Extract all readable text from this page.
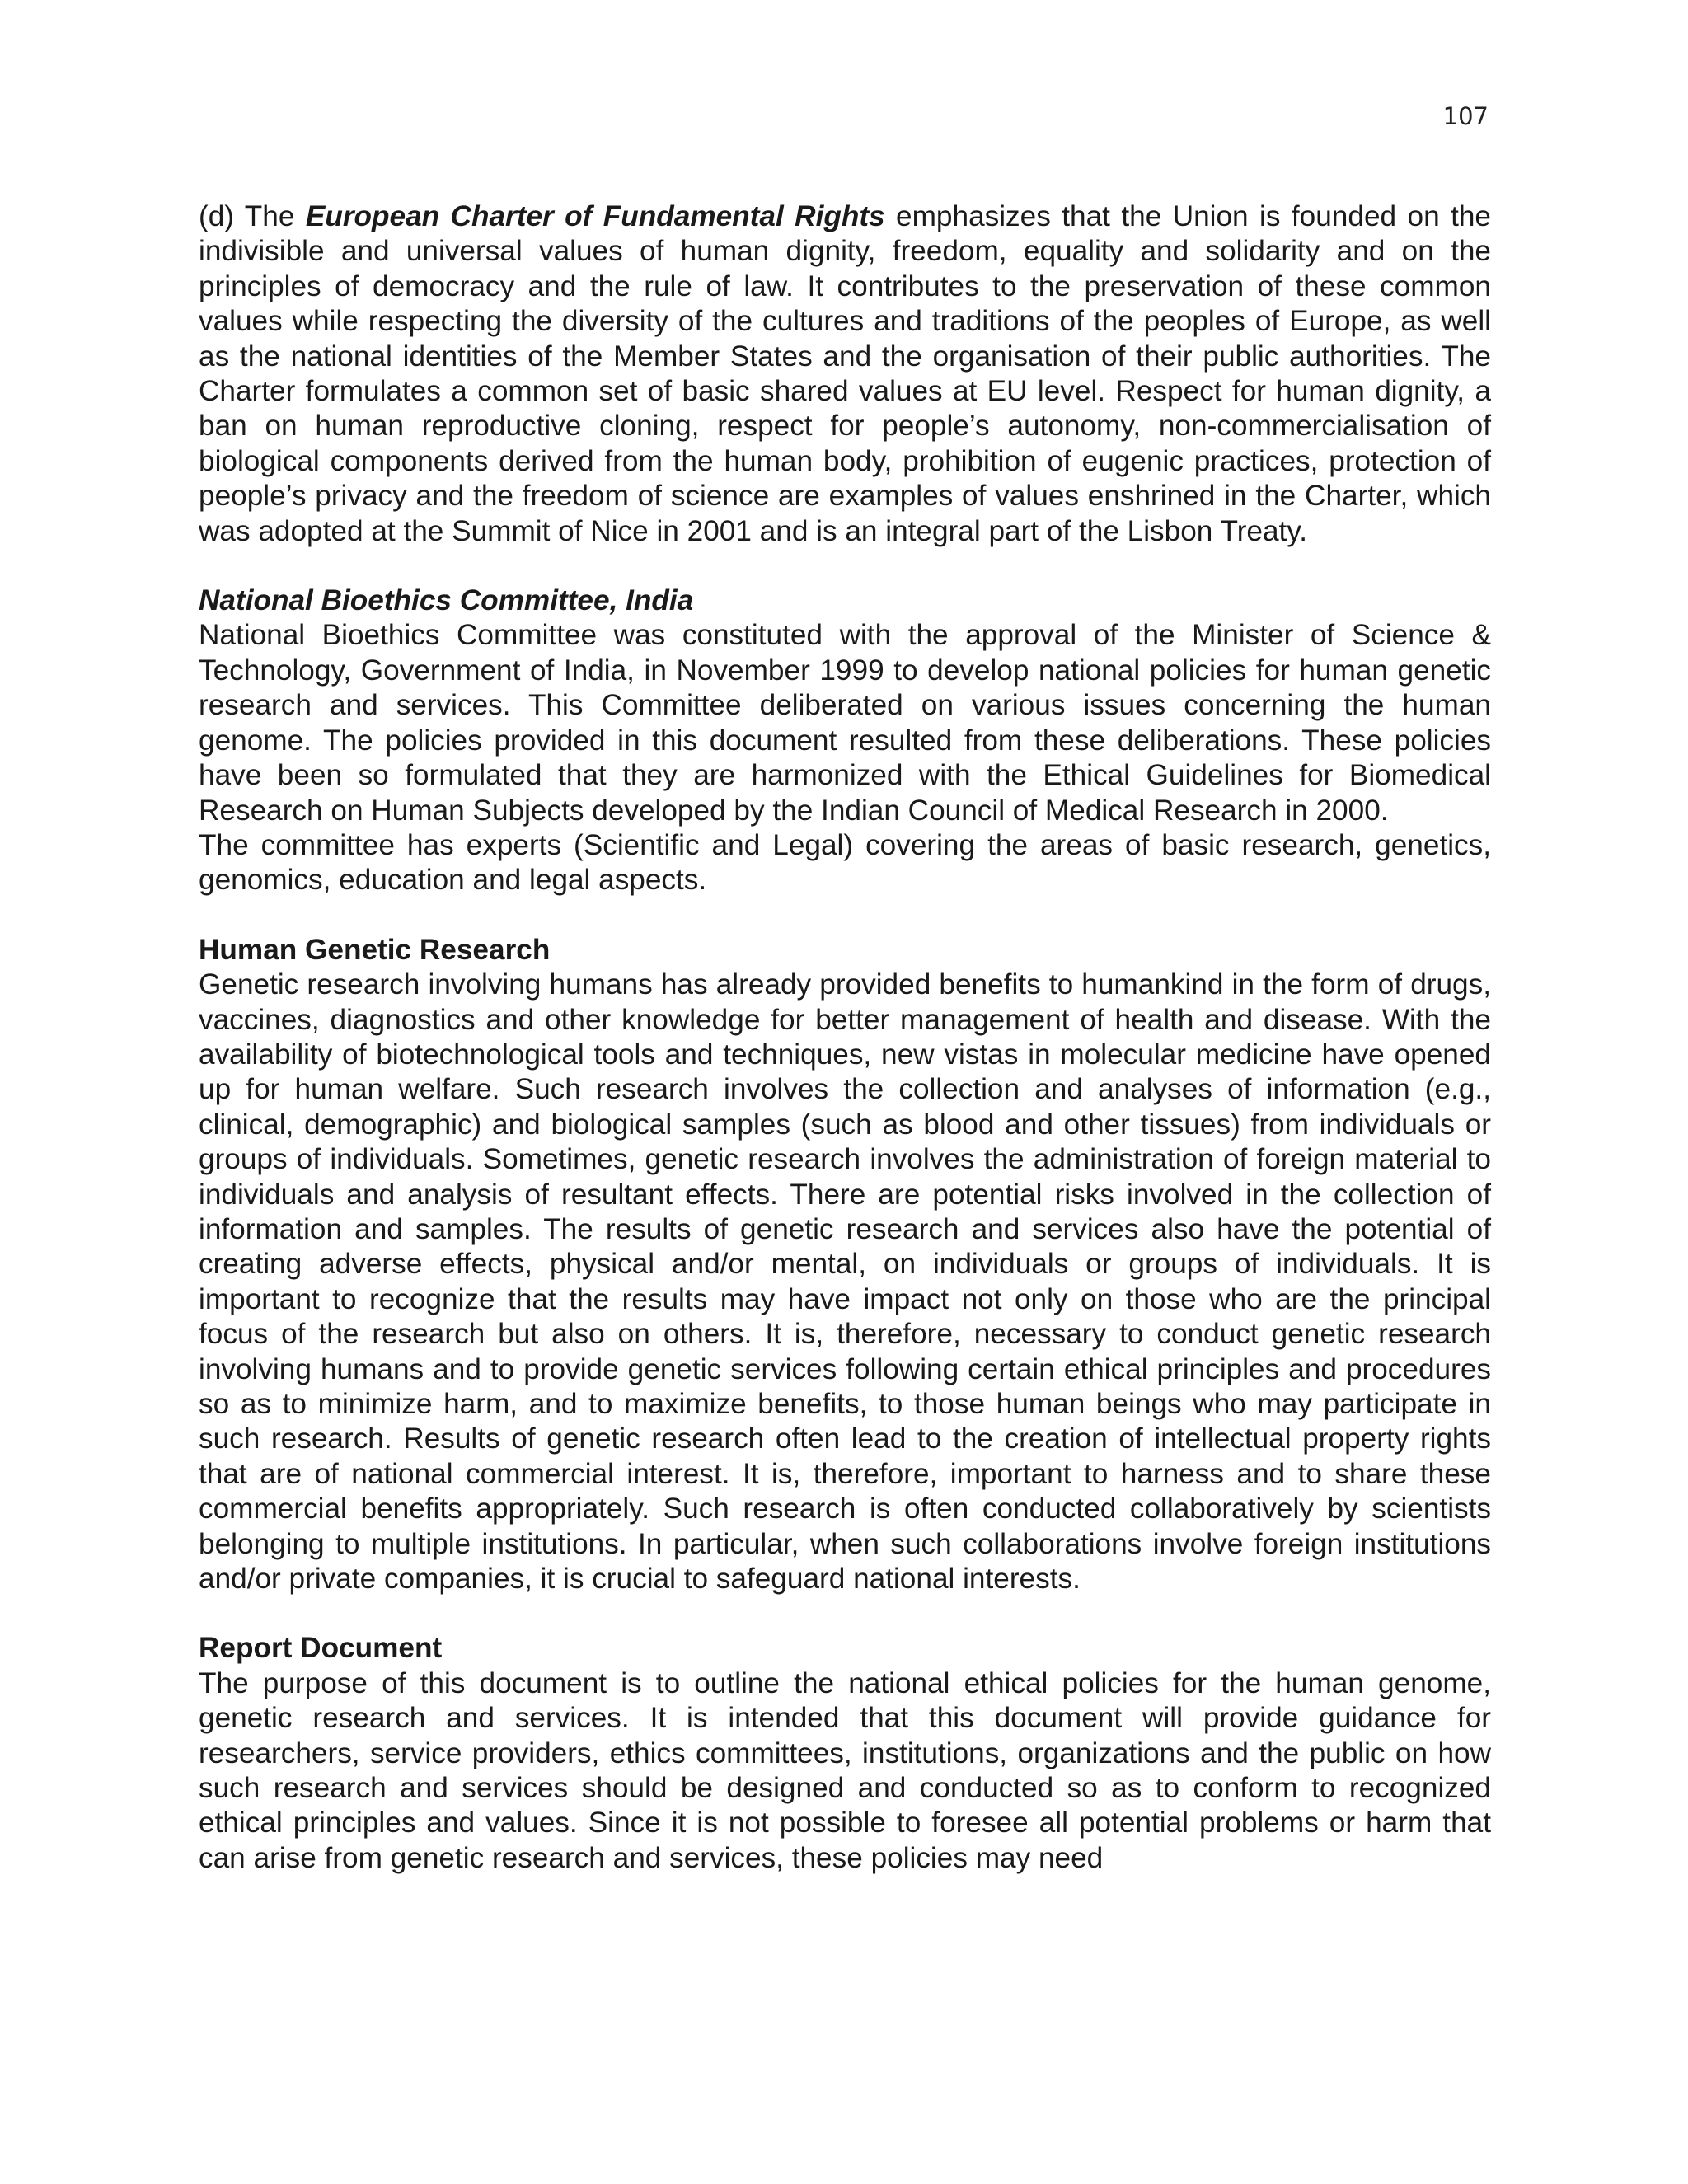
107

(d) The European Charter of Fundamental Rights emphasizes that the Union is founded on the indivisible and universal values of human dignity, freedom, equality and solidarity and on the principles of democracy and the rule of law. It contributes to the preservation of these common values while respecting the diversity of the cultures and traditions of the peoples of Europe, as well as the national identities of the Member States and the organisation of their public authorities. The Charter formulates a common set of basic shared values at EU level. Respect for human dignity, a ban on human reproductive cloning, respect for people’s autonomy, non-commercialisation of biological components derived from the human body, prohibition of eugenic practices, protection of people’s privacy and the freedom of science are examples of values enshrined in the Charter, which was adopted at the Summit of Nice in 2001 and is an integral part of the Lisbon Treaty.

National Bioethics Committee, India

National Bioethics Committee was constituted with the approval of the Minister of Science & Technology, Government of India, in November 1999 to develop national policies for human genetic research and services. This Committee deliberated on various issues concerning the human genome. The policies provided in this document resulted from these deliberations. These policies have been so formulated that they are harmonized with the Ethical Guidelines for Biomedical Research on Human Subjects developed by the Indian Council of Medical Research in 2000.

The committee has experts (Scientific and Legal) covering the areas of basic research, genetics, genomics, education and legal aspects.

Human Genetic Research

Genetic research involving humans has already provided benefits to humankind in the form of drugs, vaccines, diagnostics and other knowledge for better management of health and disease. With the availability of biotechnological tools and techniques, new vistas in molecular medicine have opened up for human welfare. Such research involves the collection and analyses of information (e.g., clinical, demographic) and biological samples (such as blood and other tissues) from individuals or groups of individuals. Sometimes, genetic research involves the administration of foreign material to individuals and analysis of resultant effects. There are potential risks involved in the collection of information and samples. The results of genetic research and services also have the potential of creating adverse effects, physical and/or mental, on individuals or groups of individuals. It is important to recognize that the results may have impact not only on those who are the principal focus of the research but also on others. It is, therefore, necessary to conduct genetic research involving humans and to provide genetic services following certain ethical principles and procedures so as to minimize harm, and to maximize benefits, to those human beings who may participate in such research. Results of genetic research often lead to the creation of intellectual property rights that are of national commercial interest. It is, therefore, important to harness and to share these commercial benefits appropriately. Such research is often conducted collaboratively by scientists belonging to multiple institutions. In particular, when such collaborations involve foreign institutions and/or private companies, it is crucial to safeguard national interests.

Report Document

The purpose of this document is to outline the national ethical policies for the human genome, genetic research and services. It is intended that this document will provide guidance for researchers, service providers, ethics committees, institutions, organizations and the public on how such research and services should be designed and conducted so as to conform to recognized ethical principles and values. Since it is not possible to foresee all potential problems or harm that can arise from genetic research and services, these policies may need
